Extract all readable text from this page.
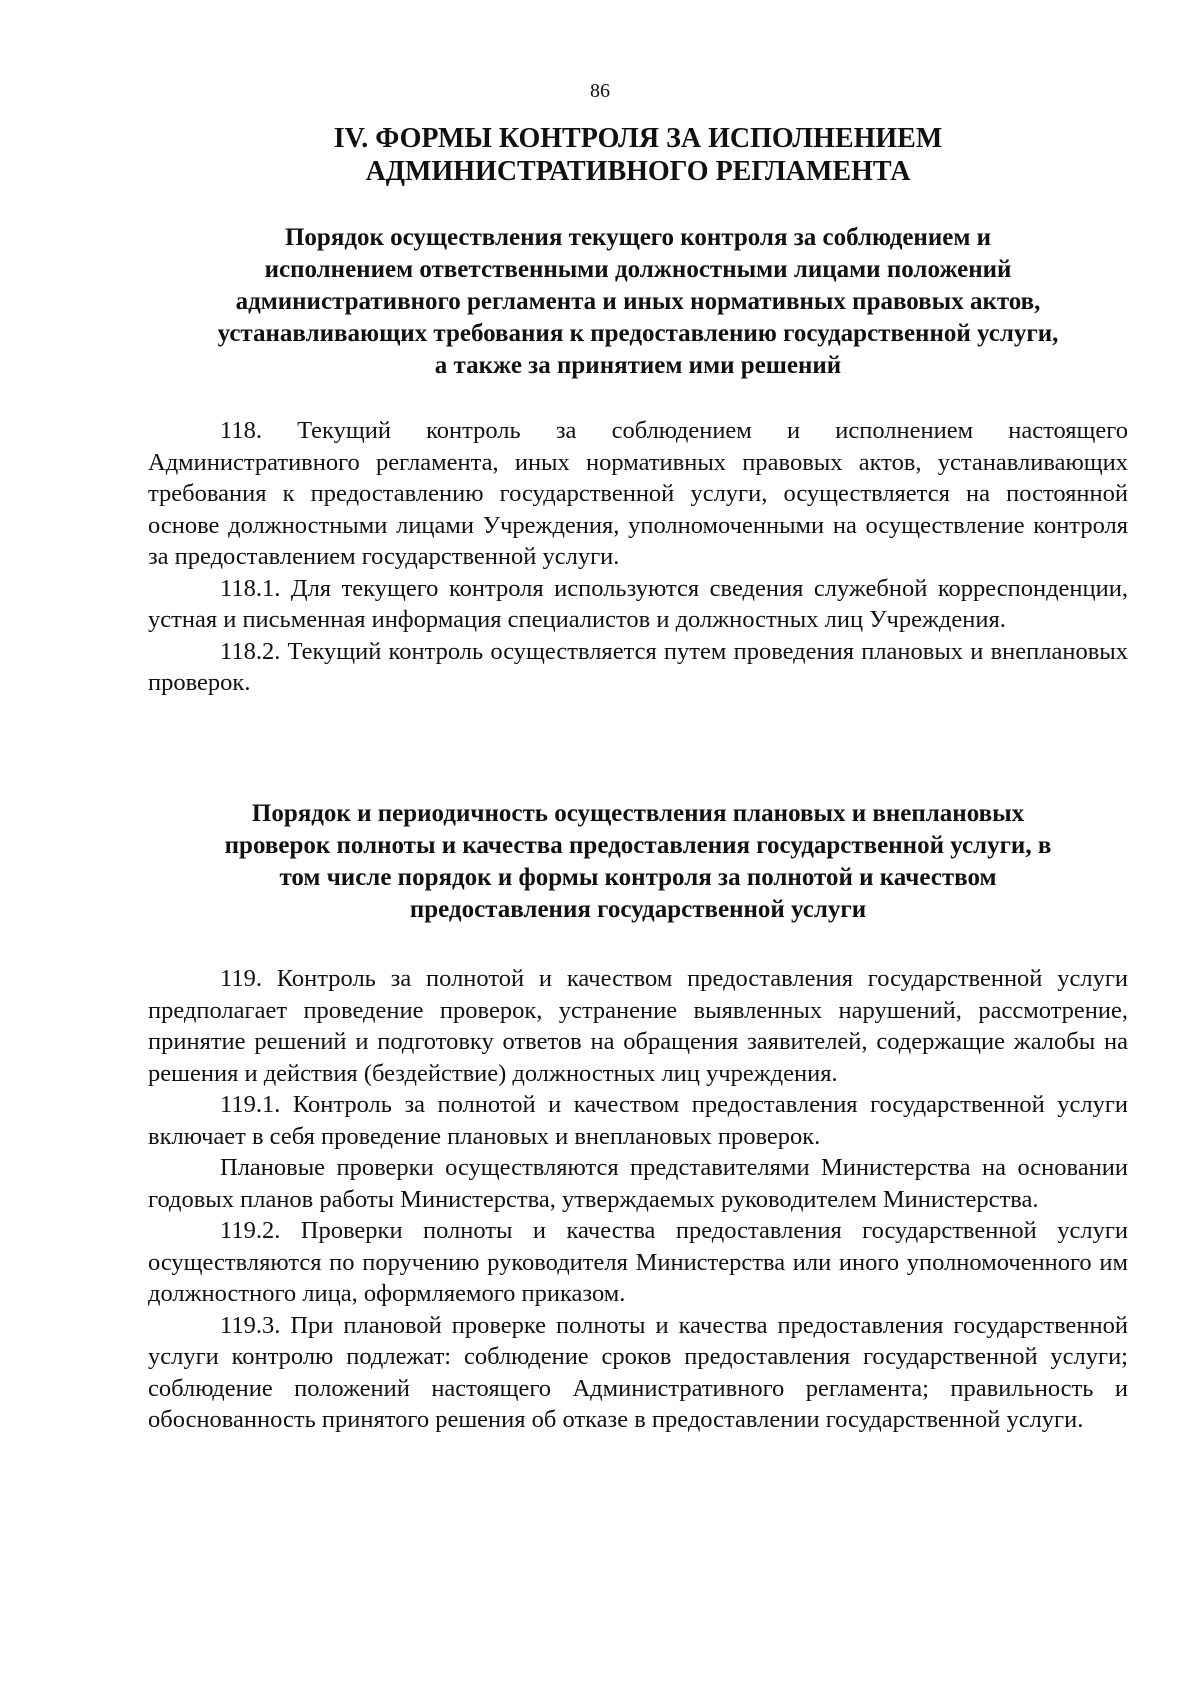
86
IV. ФОРМЫ КОНТРОЛЯ ЗА ИСПОЛНЕНИЕМ
АДМИНИСТРАТИВНОГО РЕГЛАМЕНТА
Порядок осуществления текущего контроля за соблюдением и
исполнением ответственными должностными лицами положений
административного регламента и иных нормативных правовых актов,
устанавливающих требования к предоставлению государственной услуги,
а также за принятием ими решений

118. Текущий контроль за соблюдением и исполнением настоящего Административного регламента, иных нормативных правовых актов, устанавливающих требования к предоставлению государственной услуги, осуществляется на постоянной основе должностными лицами Учреждения, уполномоченными на осуществление контроля за предоставлением государственной услуги.

118.1. Для текущего контроля используются сведения служебной корреспонденции, устная и письменная информация специалистов и должностных лиц Учреждения.

118.2. Текущий контроль осуществляется путем проведения плановых и внеплановых проверок.

Порядок и периодичность осуществления плановых и внеплановых
проверок полноты и качества предоставления государственной услуги, в
том числе порядок и формы контроля за полнотой и качеством
предоставления государственной услуги

119. Контроль за полнотой и качеством предоставления государственной услуги предполагает проведение проверок, устранение выявленных нарушений, рассмотрение, принятие решений и подготовку ответов на обращения заявителей, содержащие жалобы на решения и действия (бездействие) должностных лиц учреждения.

119.1. Контроль за полнотой и качеством предоставления государственной услуги включает в себя проведение плановых и внеплановых проверок.

Плановые проверки осуществляются представителями Министерства на основании годовых планов работы Министерства, утверждаемых руководителем Министерства.

119.2. Проверки полноты и качества предоставления государственной услуги осуществляются по поручению руководителя Министерства или иного уполномоченного им должностного лица, оформляемого приказом.

119.3. При плановой проверке полноты и качества предоставления государственной услуги контролю подлежат: соблюдение сроков предоставления государственной услуги; соблюдение положений настоящего Административного регламента; правильность и обоснованность принятого решения об отказе в предоставлении государственной услуги.
